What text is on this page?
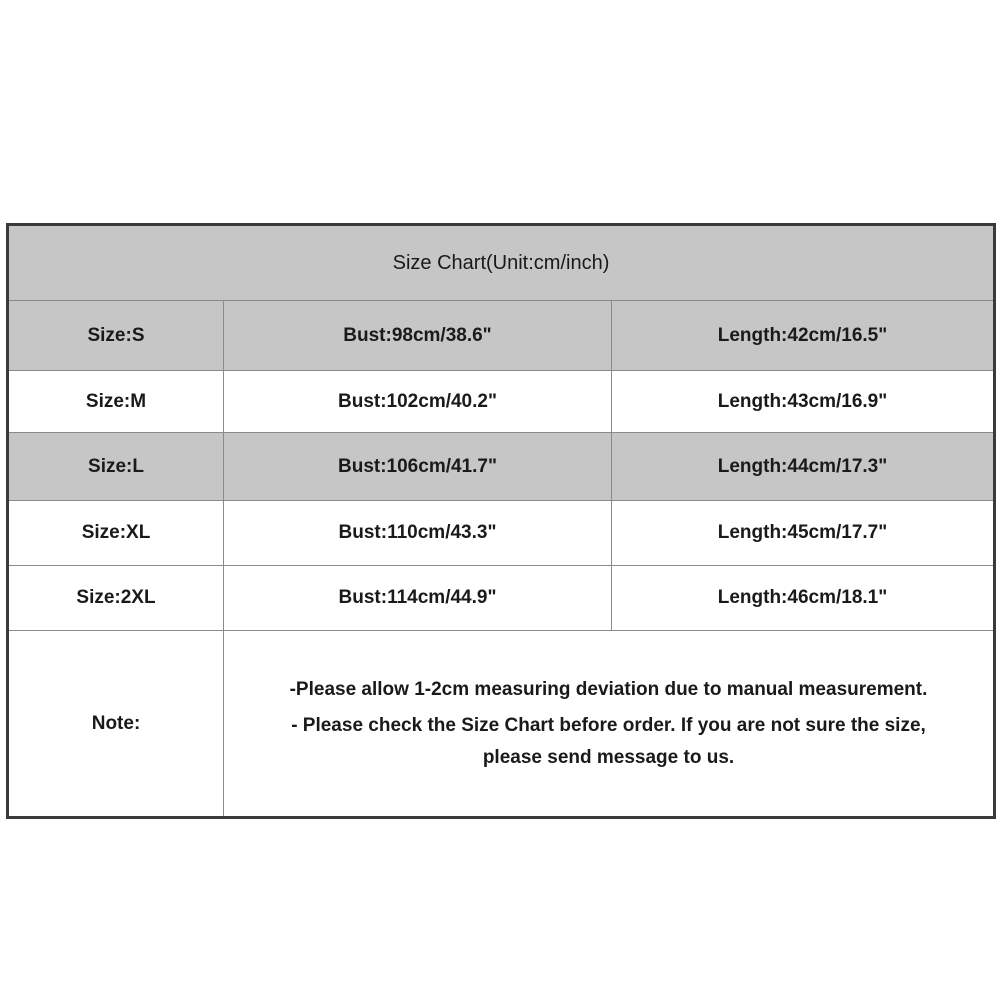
Size Chart(Unit:cm/inch)
Size:S	Bust:98cm/38.6"	Length:42cm/16.5"
Size:M	Bust:102cm/40.2"	Length:43cm/16.9"
Size:L	Bust:106cm/41.7"	Length:44cm/17.3"
Size:XL	Bust:110cm/43.3"	Length:45cm/17.7"
Size:2XL	Bust:114cm/44.9"	Length:46cm/18.1"
Note:
-Please allow 1-2cm measuring deviation due to manual measurement.
- Please check the Size Chart before order. If you are not sure the size,
please send message to us.
